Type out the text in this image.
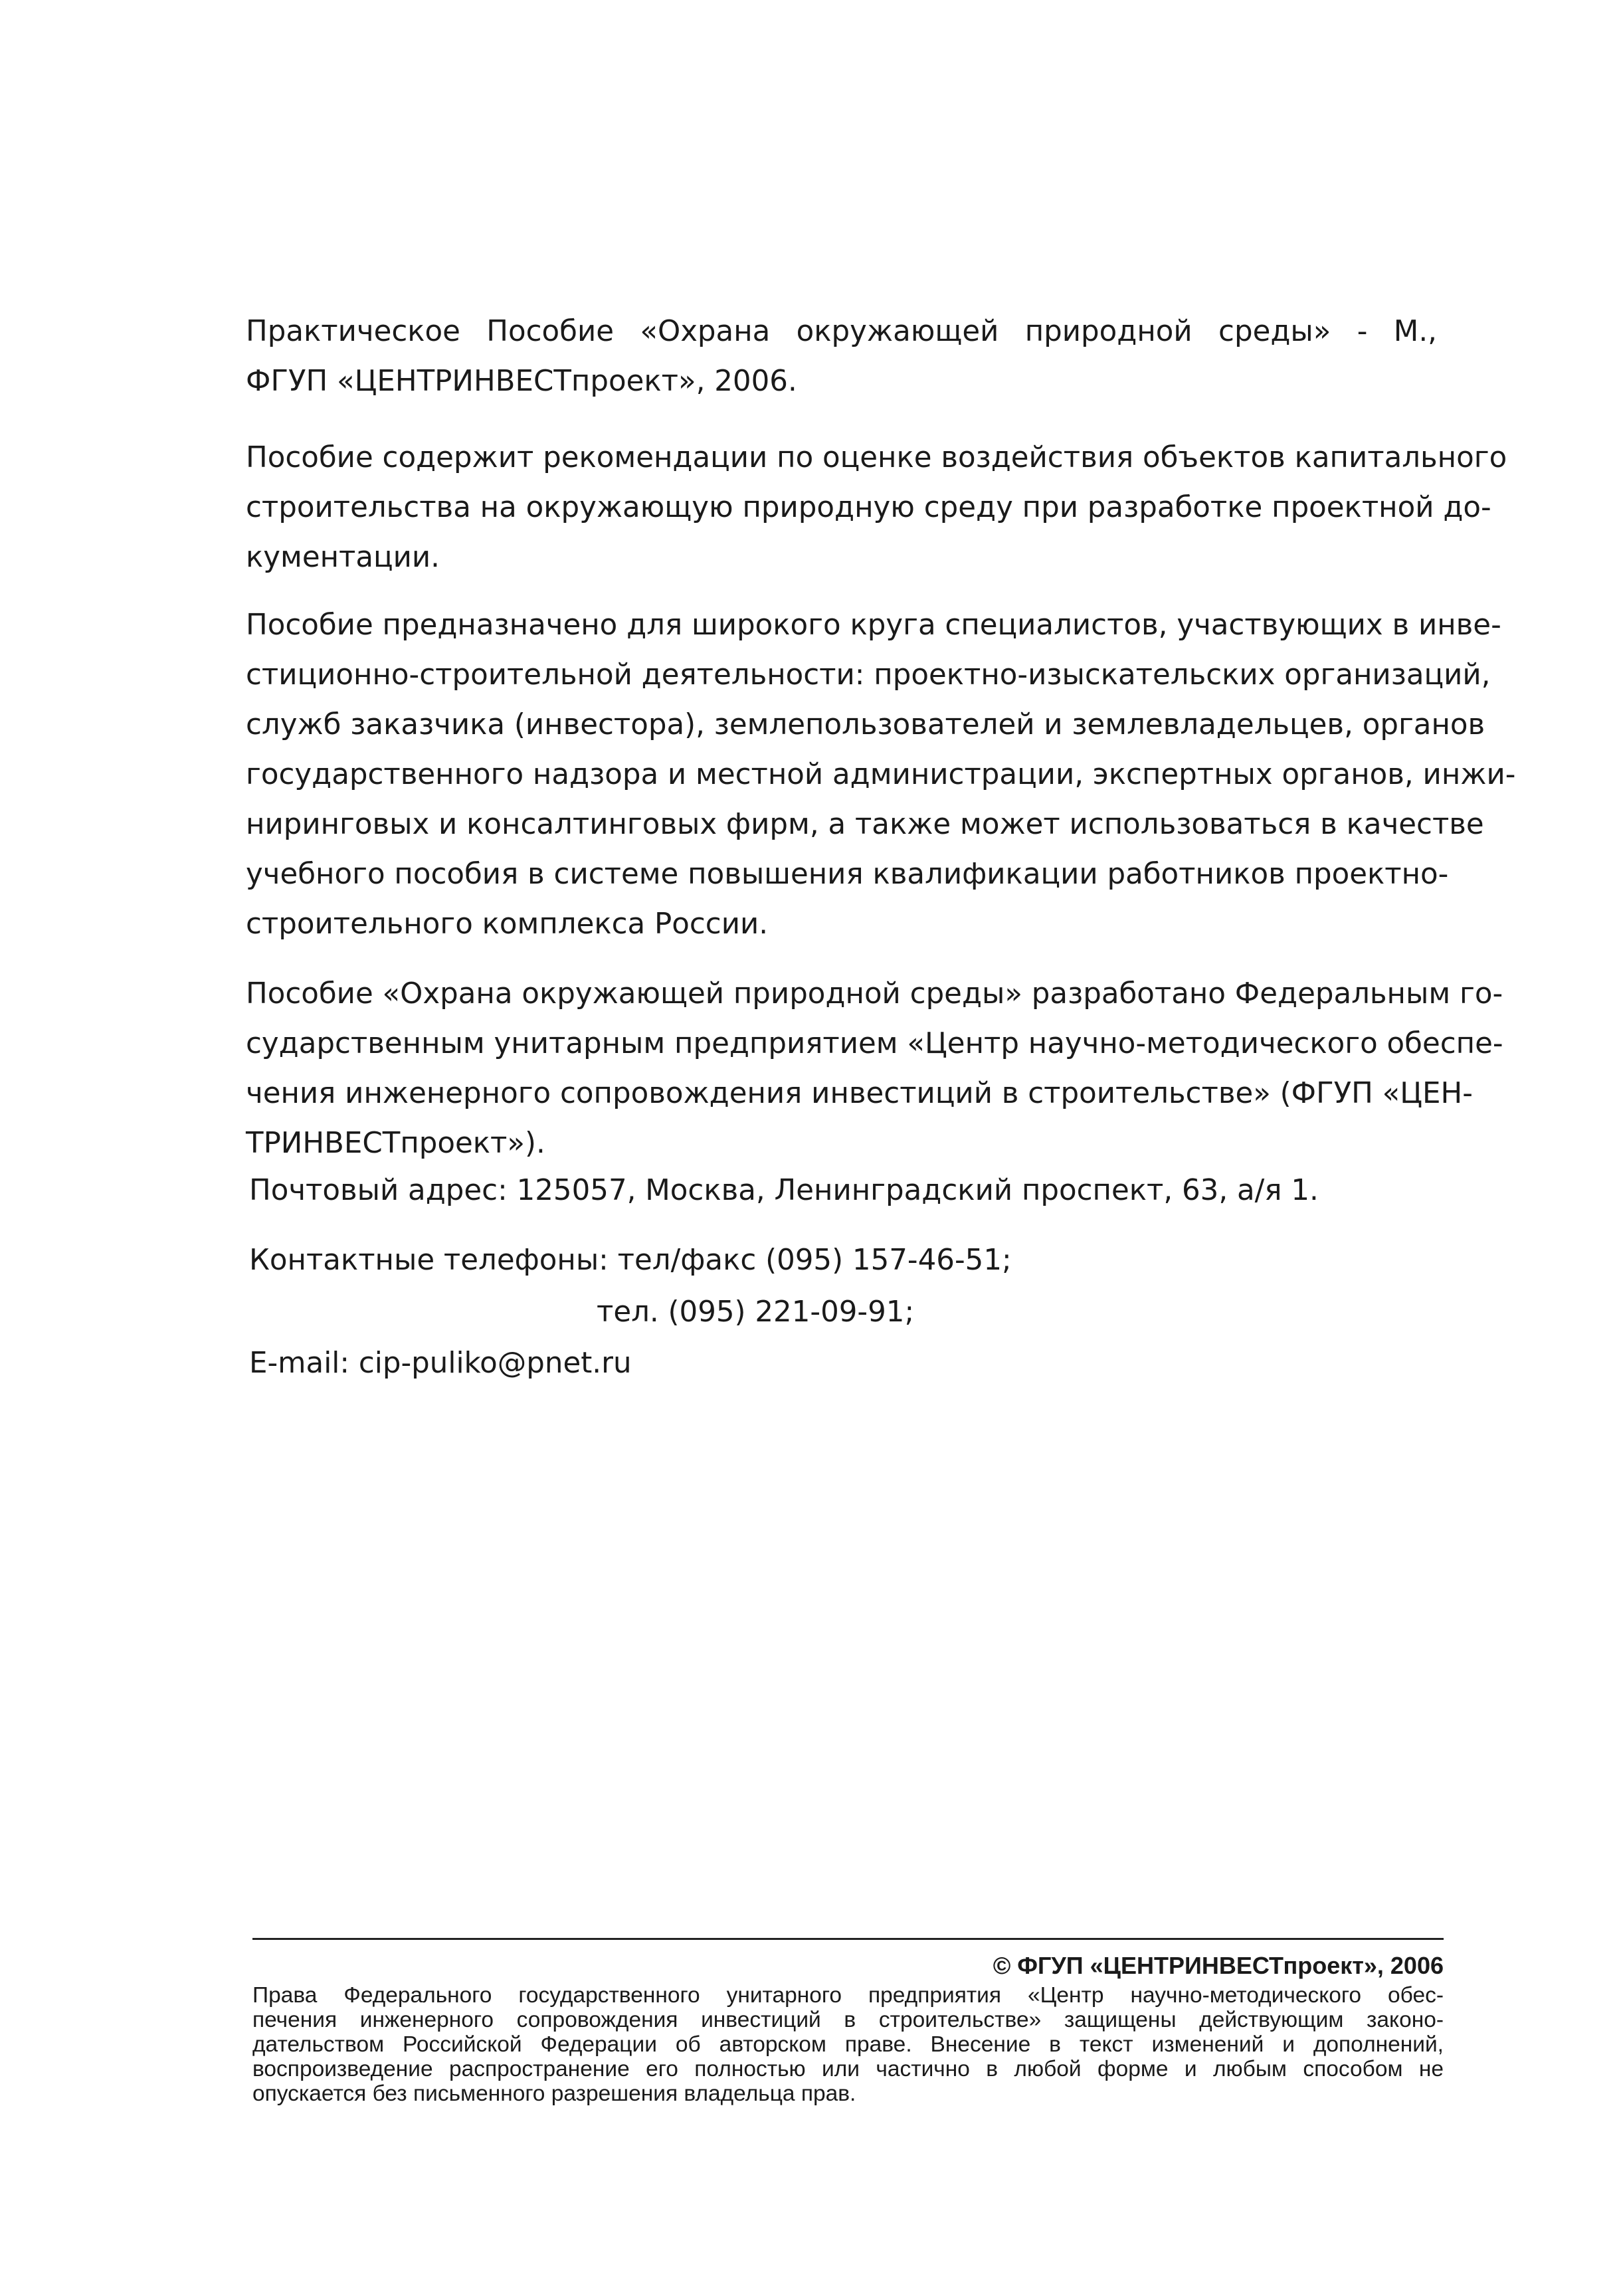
Практическое Пособие «Охрана окружающей природной среды» - М.,
ФГУП «ЦЕНТРИНВЕСТпроект», 2006.

Пособие содержит рекомендации по оценке воздействия объектов капитального
строительства на окружающую природную среду при разработке проектной до-
кументации.

Пособие предназначено для широкого круга специалистов, участвующих в инве-
стиционно-строительной деятельности: проектно-изыскательских организаций,
служб заказчика (инвестора), землепользователей и землевладельцев, органов
государственного надзора и местной администрации, экспертных органов, инжи-
ниринговых и консалтинговых фирм, а также может использоваться в качестве
учебного пособия в системе повышения квалификации работников проектно-
строительного комплекса России.

Пособие «Охрана окружающей природной среды» разработано Федеральным го-
сударственным унитарным предприятием «Центр научно-методического обеспе-
чения инженерного сопровождения инвестиций в строительстве» (ФГУП «ЦЕН-
ТРИНВЕСТпроект»).

Почтовый адрес: 125057, Москва, Ленинградский проспект, 63, а/я 1.

Контактные телефоны: тел/факс (095) 157-46-51;

тел. (095) 221-09-91;

E-mail: cip-puliko@pnet.ru

© ФГУП «ЦЕНТРИНВЕСТпроект», 2006

Права Федерального государственного унитарного предприятия «Центр научно-методического обес-
печения инженерного сопровождения инвестиций в строительстве» защищены действующим законо-
дательством Российской Федерации об авторском праве. Внесение в текст изменений и дополнений,
воспроизведение распространение его полностью или частично в любой форме и любым способом не
опускается без письменного разрешения владельца прав.
